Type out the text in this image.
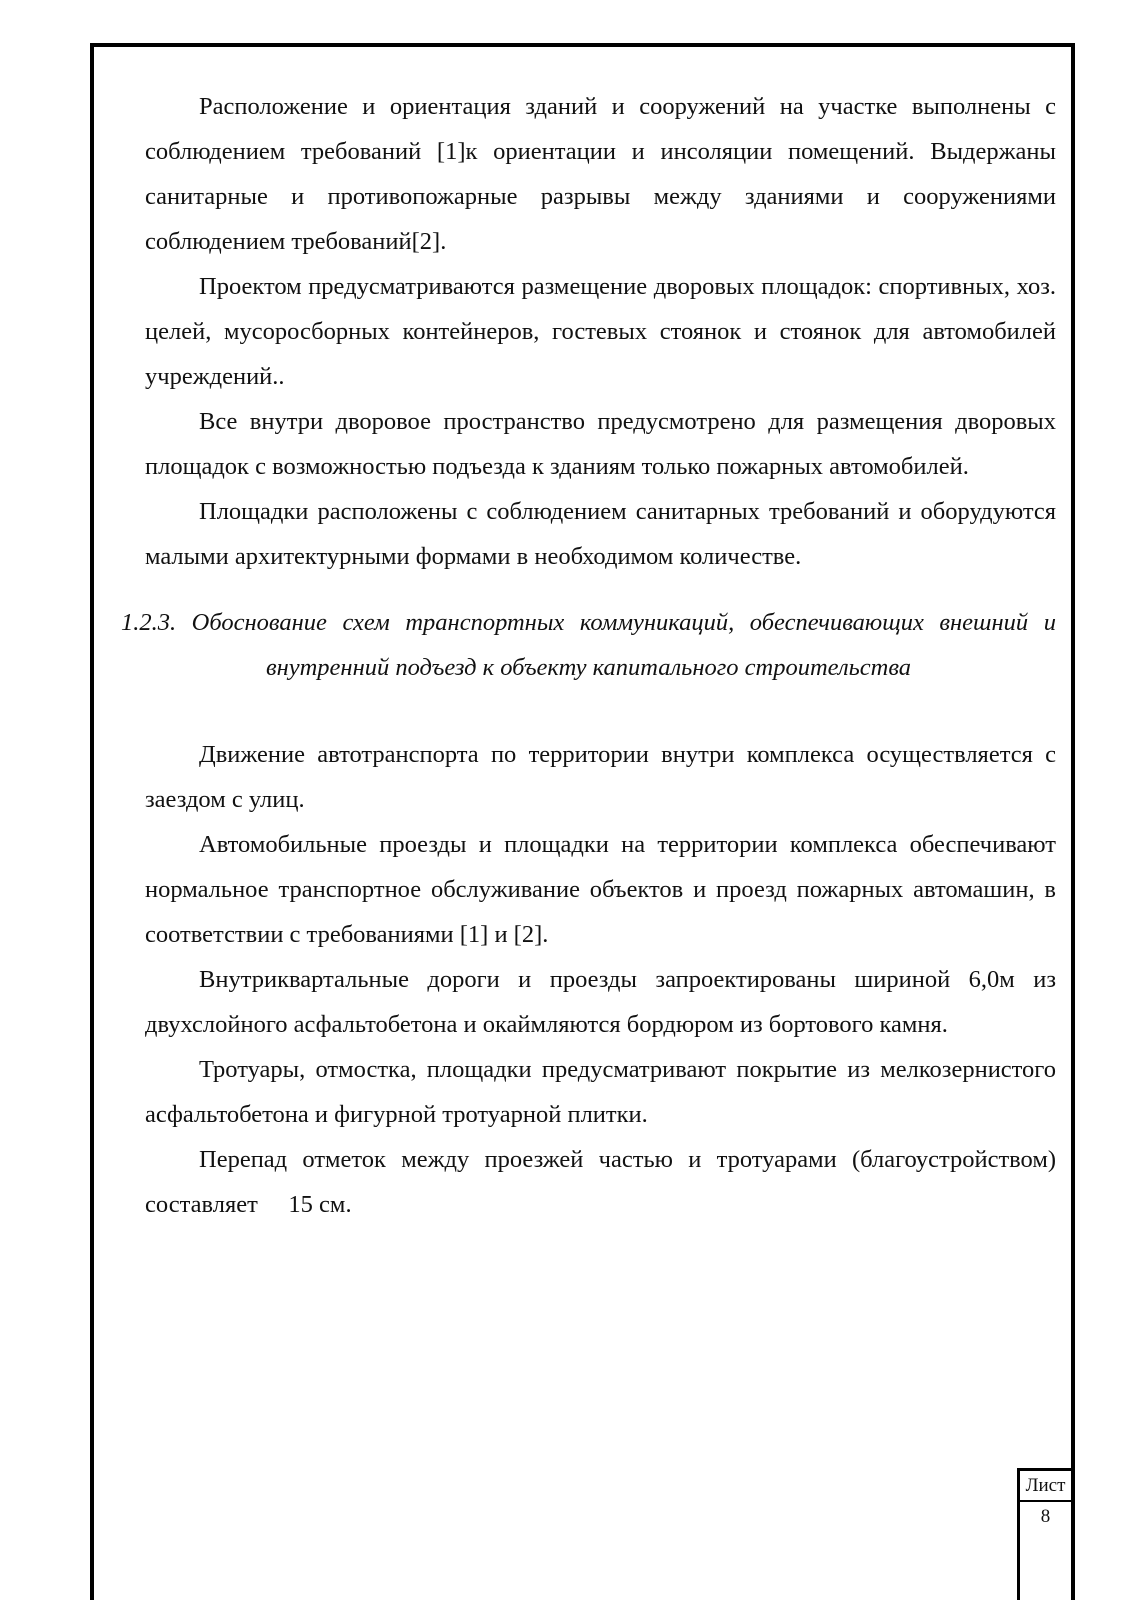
Расположение и ориентация зданий и сооружений на участке выполнены с соблюдением требований [1]к ориентации и инсоляции помещений. Выдержаны санитарные и противопожарные разрывы между зданиями и сооружениями соблюдением требований[2].

Проектом предусматриваются размещение дворовых площадок: спортивных, хоз. целей, мусоросборных контейнеров, гостевых стоянок и стоянок для автомобилей учреждений..

Все внутри дворовое пространство предусмотрено для размещения дворовых площадок с возможностью подъезда к зданиям только пожарных автомобилей.

Площадки расположены с соблюдением санитарных требований и оборудуются малыми архитектурными формами в необходимом количестве.

1.2.3. Обоснование схем транспортных коммуникаций, обеспечивающих внешний и
внутренний подъезд к объекту капитального строительства

Движение автотранспорта по территории внутри комплекса осуществляется с заездом с улиц.

Автомобильные проезды и площадки на территории комплекса обеспечивают нормальное транспортное обслуживание объектов и проезд пожарных автомашин, в соответствии с требованиями [1] и [2].

Внутриквартальные дороги и проезды запроектированы шириной 6,0м из двухслойного асфальтобетона и окаймляются бордюром из бортового камня.

Тротуары, отмостка, площадки предусматривают покрытие из мелкозернистого асфальтобетона и фигурной тротуарной плитки.

Перепад отметок между проезжей частью и тротуарами (благоустройством) составляет     15 см.

Лист
8
